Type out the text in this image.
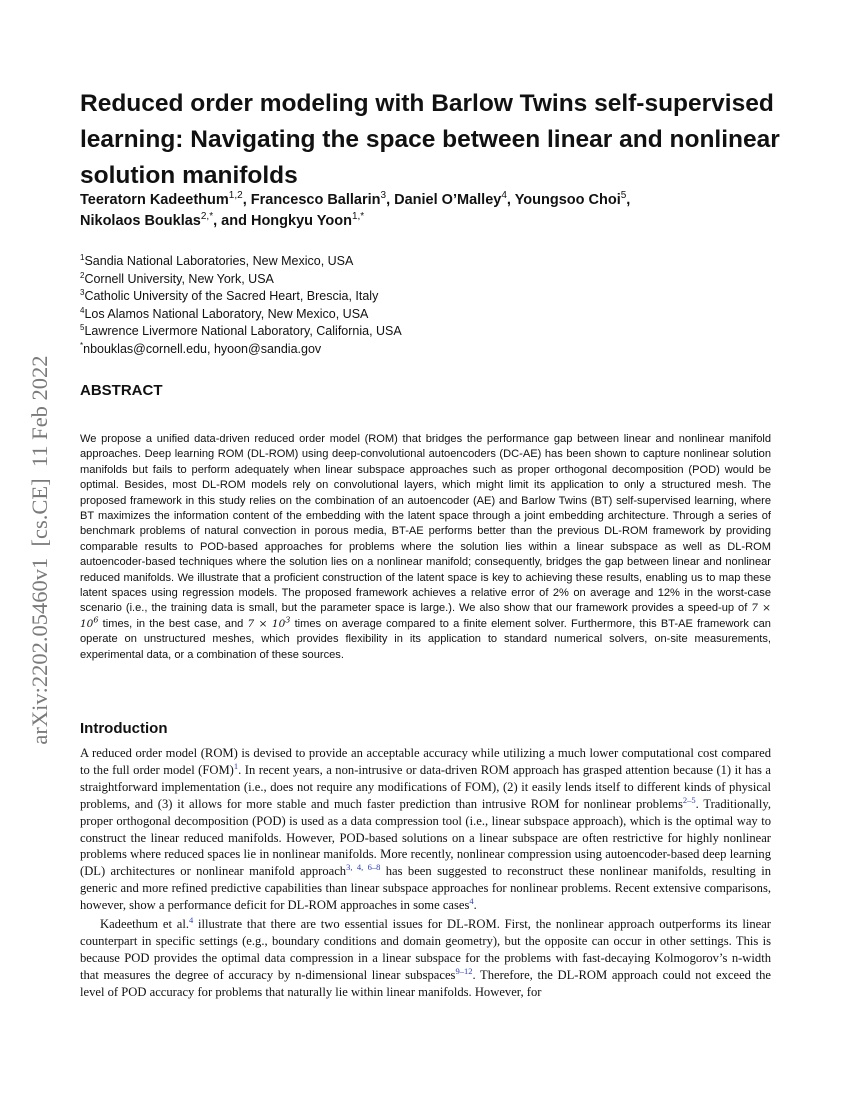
arXiv:2202.05460v1  [cs.CE]  11 Feb 2022
Reduced order modeling with Barlow Twins self-supervised learning: Navigating the space between linear and nonlinear solution manifolds

Teeratorn Kadeethum$^{1,2}$, Francesco Ballarin$^3$, Daniel O’Malley$^4$, Youngsoo Choi$^5$,
Nikolaos Bouklas$^{2,*}$, and Hongkyu Yoon$^{1,*}$

$^1$Sandia National Laboratories, New Mexico, USA
$^2$Cornell University, New York, USA
$^3$Catholic University of the Sacred Heart, Brescia, Italy
$^4$Los Alamos National Laboratory, New Mexico, USA
$^5$Lawrence Livermore National Laboratory, California, USA
*nbouklas@cornell.edu, hyoon@sandia.gov
ABSTRACT

We propose a unified data-driven reduced order model (ROM) that bridges the performance gap between linear and nonlinear manifold approaches. Deep learning ROM (DL-ROM) using deep-convolutional autoencoders (DC-AE) has been shown to capture nonlinear solution manifolds but fails to perform adequately when linear subspace approaches such as proper orthogonal decomposition (POD) would be optimal. Besides, most DL-ROM models rely on convolutional layers, which might limit its application to only a structured mesh. The proposed framework in this study relies on the combination of an autoencoder (AE) and Barlow Twins (BT) self-supervised learning, where BT maximizes the information content of the embedding with the latent space through a joint embedding architecture. Through a series of benchmark problems of natural convection in porous media, BT-AE performs better than the previous DL-ROM framework by providing comparable results to POD-based approaches for problems where the solution lies within a linear subspace as well as DL-ROM autoencoder-based techniques where the solution lies on a nonlinear manifold; consequently, bridges the gap between linear and nonlinear reduced manifolds. We illustrate that a proficient construction of the latent space is key to achieving these results, enabling us to map these latent spaces using regression models. The proposed framework achieves a relative error of 2% on average and 12% in the worst-case scenario (i.e., the training data is small, but the parameter space is large.). We also show that our framework provides a speed-up of $7 \times 10^6$ times, in the best case, and $7 \times 10^3$ times on average compared to a finite element solver. Furthermore, this BT-AE framework can operate on unstructured meshes, which provides flexibility in its application to standard numerical solvers, on-site measurements, experimental data, or a combination of these sources.

Introduction

A reduced order model (ROM) is devised to provide an acceptable accuracy while utilizing a much lower computational cost compared to the full order model (FOM)$^1$. In recent years, a non-intrusive or data-driven ROM approach has grasped attention because (1) it has a straightforward implementation (i.e., does not require any modifications of FOM), (2) it easily lends itself to different kinds of physical problems, and (3) it allows for more stable and much faster prediction than intrusive ROM for nonlinear problems$^{2-5}$. Traditionally, proper orthogonal decomposition (POD) is used as a data compression tool (i.e., linear subspace approach), which is the optimal way to construct the linear reduced manifolds. However, POD-based solutions on a linear subspace are often restrictive for highly nonlinear problems where reduced spaces lie in nonlinear manifolds. More recently, nonlinear compression using autoencoder-based deep learning (DL) architectures or nonlinear manifold approach$^{3, 4, 6-8}$ has been suggested to reconstruct these nonlinear manifolds, resulting in generic and more refined predictive capabilities than linear subspace approaches for nonlinear problems. Recent extensive comparisons, however, show a performance deficit for DL-ROM approaches in some cases$^4$.

Kadeethum et al.$^4$ illustrate that there are two essential issues for DL-ROM. First, the nonlinear approach outperforms its linear counterpart in specific settings (e.g., boundary conditions and domain geometry), but the opposite can occur in other settings. This is because POD provides the optimal data compression in a linear subspace for the problems with fast-decaying Kolmogorov’s n-width that measures the degree of accuracy by n-dimensional linear subspaces$^{9-12}$. Therefore, the DL-ROM approach could not exceed the level of POD accuracy for problems that naturally lie within linear manifolds. However, for
